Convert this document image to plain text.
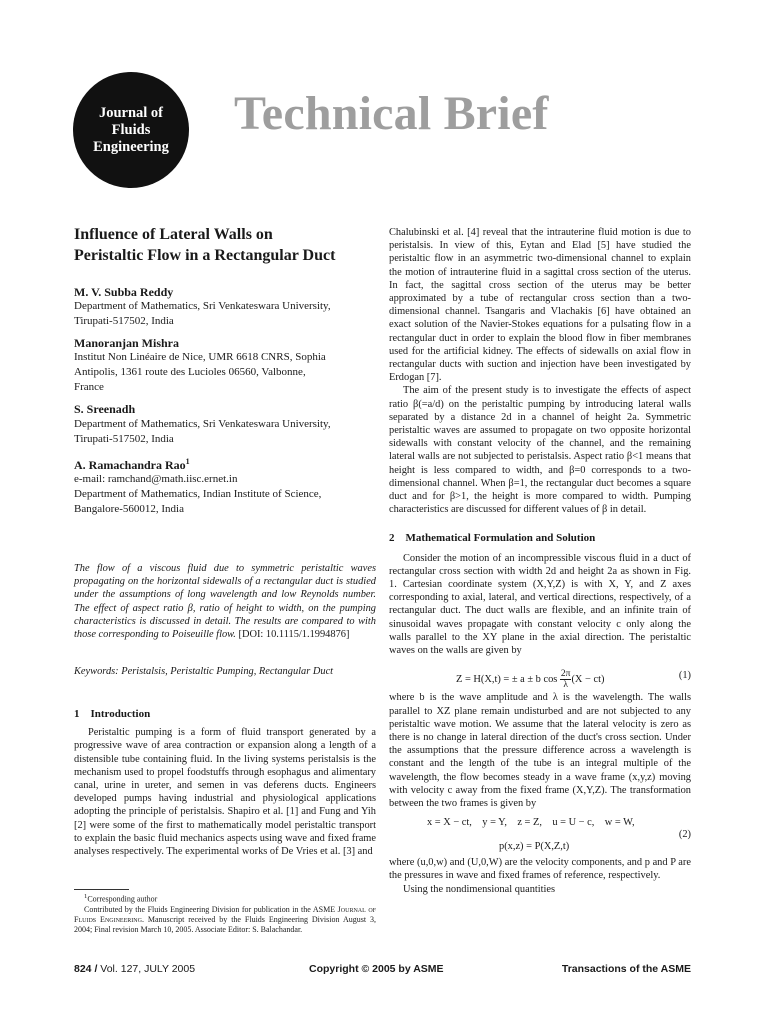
Journal of
Fluids
Engineering
Technical Brief
Influence of Lateral Walls on
Peristaltic Flow in a Rectangular Duct

M. V. Subba Reddy

Department of Mathematics, Sri Venkateswara University,
Tirupati-517502, India

Manoranjan Mishra

Institut Non Linéaire de Nice, UMR 6618 CNRS, Sophia
Antipolis, 1361 route des Lucioles 06560, Valbonne,
France

S. Sreenadh

Department of Mathematics, Sri Venkateswara University,
Tirupati-517502, India

A. Ramachandra Rao$^1$

e-mail: ramchand@math.iisc.ernet.in
Department of Mathematics, Indian Institute of Science,
Bangalore-560012, India

The flow of a viscous fluid due to symmetric peristaltic waves propagating on the horizontal sidewalls of a rectangular duct is studied under the assumptions of long wavelength and low Reynolds number. The effect of aspect ratio β, ratio of height to width, on the pumping characteristics is discussed in detail. The results are compared to with those corresponding to Poiseuille flow. [DOI: 10.1115/1.1994876]
Keywords: Peristalsis, Peristaltic Pumping, Rectangular Duct

1 Introduction

Peristaltic pumping is a form of fluid transport generated by a progressive wave of area contraction or expansion along a length of a distensible tube containing fluid. In the living systems peristalsis is the mechanism used to propel foodstuffs through esophagus and alimentary canal, urine in ureter, and semen in vas deferens ducts. Engineers developed pumps having industrial and physiological applications adopting the principle of peristalsis. Shapiro et al. [1] and Fung and Yih [2] were some of the first to mathematically model peristaltic transport to explain the basic fluid mechanics aspects using wave and fixed frame analyses respectively. The experimental works of De Vries et al. [3] and

$^1$Corresponding author
Contributed by the Fluids Engineering Division for publication in the ASME Journal of Fluids Engineering. Manuscript received by the Fluids Engineering Division August 3, 2004; Final revision March 10, 2005. Associate Editor: S. Balachandar.

Chalubinski et al. [4] reveal that the intrauterine fluid motion is due to peristalsis. In view of this, Eytan and Elad [5] have studied the peristaltic flow in an asymmetric two-dimensional channel to explain the motion of intrauterine fluid in a sagittal cross section of the uterus. In fact, the sagittal cross section of the uterus may be better approximated by a tube of rectangular cross section than a two-dimensional channel. Tsangaris and Vlachakis [6] have obtained an exact solution of the Navier-Stokes equations for a pulsating flow in a rectangular duct in order to explain the blood flow in fiber membranes used for the artificial kidney. The effects of sidewalls on axial flow in rectangular ducts with suction and injection have been investigated by Erdogan [7].

The aim of the present study is to investigate the effects of aspect ratio β(=a/d) on the peristaltic pumping by introducing lateral walls separated by a distance 2d in a channel of height 2a. Symmetric peristaltic waves are assumed to propagate on two opposite horizontal sidewalls with constant velocity of the channel, and the remaining lateral walls are not subjected to peristalsis. Aspect ratio β<1 means that height is less compared to width, and β=0 corresponds to a two-dimensional channel. When β=1, the rectangular duct becomes a square duct and for β>1, the height is more compared to width. Pumping characteristics are discussed for different values of β in detail.

2 Mathematical Formulation and Solution

Consider the motion of an incompressible viscous fluid in a duct of rectangular cross section with width 2d and height 2a as shown in Fig. 1. Cartesian coordinate system (X,Y,Z) is with X, Y, and Z axes corresponding to axial, lateral, and vertical directions, respectively, of a rectangular duct. The duct walls are flexible, and an infinite train of sinusoidal waves propagate with constant velocity c only along the walls parallel to the XY plane in the axial direction. The peristaltic waves on the walls are given by

Z = H(X,t) = ± a ± b $\cos \frac{2\pi}{\lambda} (X - ct)$	(1)

where b is the wave amplitude and λ is the wavelength. The walls parallel to XZ plane remain undisturbed and are not subjected to any peristaltic wave motion. We assume that the lateral velocity is zero as there is no change in lateral direction of the duct's cross section. Under the assumptions that the pressure difference across a wavelength is constant and the length of the tube is an integral multiple of the wavelength, the flow becomes steady in a wave frame (x,y,z) moving with velocity c away from the fixed frame (X,Y,Z). The transformation between the two frames is given by

x = X − ct,    y = Y,    z = Z,    u = U − c,    w = W,
(2)
p(x,z) = P(X,Z,t)

where (u,0,w) and (U,0,W) are the velocity components, and p and P are the pressures in wave and fixed frames of reference, respectively.

Using the nondimensional quantities

824 / Vol. 127, JULY 2005	Copyright © 2005 by ASME	Transactions of the ASME
